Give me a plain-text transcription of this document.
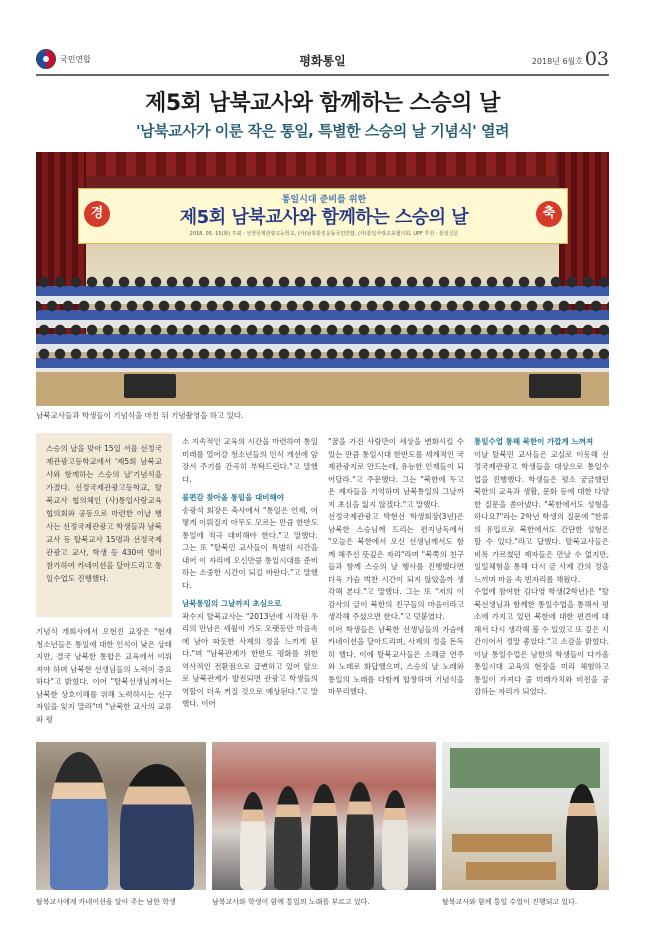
국민연합	평화통일	2018년 6월호 03
제5회 남북교사와 함께하는 스승의 날
'남북교사가 이룬 작은 통일, 특별한 스승의 날 기념식' 열려
경	축
통일시대 준비를 위한
제5회 남북교사와 함께하는 스승의 날
2018. 05. 15(화) 주최 : 선정국제관광고등학교, (사)남북통일운동국민연합, (사)통일사랑교육협의회, UPF 후원 : 통일신문
남북교사들과 학생들이 기념식을 마친 뒤 기념촬영을 하고 있다.

스승의 날을 맞아 15일 서울 선정국제관광고등학교에서 '제5회 남북교사와 함께하는 스승의 날'기념식을 가졌다. 선정국제관광고등학교, 탈북교사 협의체인 (사)통일사랑교육협의회와 공동으로 마련한 이날 행사는 선정국제관광고 학생들과 남북교사 등 탈북교사 15명과 선정국제관광고 교사, 학생 등 430여 명이 참가하여 카네이션을 달아드리고 통일수업도 진행했다.

기념식 개회사에서 오현진 교장은 "현재 청소년들은 통일에 대한 인식이 낮은 상태지만, 결국 남북한 통합은 교육에서 이뤄져야 하며 남북한 선생님들의 노력이 중요하다"고 밝혔다. 이어 "탈북선생님께서는 남북한 상호이해를 위해 노력하시는 선구자임을 잊지 말라"며 "남북한 교사의 교류와 평

소 지속적인 교육의 시간을 마련하여 통일 미래를 열어갈 청소년들의 인식 개선에 앞장서 주기를 간곡히 부탁드린다."고 말했다.

불편감 찾아올 통일을 대비해야

송광석 회장은 축사에서 "통일은 언제, 어떻게 이뤄질지 아무도 모르는 만큼 한반도 통일에 적극 대비해야 한다."고 말했다. 그는 또 "탈북민 교사들이 특별히 시간을 내어 이 자리에 오신만큼 통일시대를 준비하는 소중한 시간이 되길 바란다."고 말했다.

남북통일의 그날까지 초심으로

곽수지 탈북교사는 "2013년에 시작된 우리의 만남은 세월이 가도 오랫동안 마음속에 남아 따듯한 사제의 정을 느끼게 된다."며 "남북관계가 한반도 평화를 위한 역사적인 전환점으로 급변하고 있어 앞으로 남북관계가 발전되면 관광고 학생들의 역할이 더욱 커질 것으로 예상된다."고 말했다. 이어

"꿈을 가진 사람만이 세상을 변화시킬 수 있는 만큼 통일시대 한반도를 세계적인 국제관광지로 만드는데, 유능한 인재들이 되어달라."고 주문했다. 그는 "북한에 두고 온 제자들을 기억하며 남북통일의 그날까지 초심을 잃지 않겠다."고 말했다.

선정국제관광고 박현선 학생회장(3년)은 남북한 스승님께 드리는 편지낭독에서 "오늘은 북한에서 오신 선생님께서도 함께 해주신 뜻깊은 자리"라며 "북쪽의 친구들과 함께 스승의 날 행사를 진행했다면 더욱 가슴 벅찬 시간이 되지 않았을까 생각해 본다."고 말했다. 그는 또 "저의 이 감사의 글이 북한의 친구들의 마음이라고 생각해 주셨으면 한다."고 덧붙였다.

이어 학생들은 남북한 선생님들의 가슴에 카네이션을 달아드리며, 사제의 정을 돈독히 했다. 이에 탈북교사들은 소해금 연주와 노래로 화답했으며, 스승의 날 노래와 통일의 노래를 다함께 합창하며 기념식을 마무리했다.

통일수업 통해 북한이 가깝게 느껴져

이날 탈북민 교사들은 교실로 이동해 선정국제관광고 학생들을 대상으로 통일수업을 진행했다. 학생들은 평소 궁금했던 북한의 교육과 생활, 문화 등에 대한 다양한 질문을 쏟아냈다. "북한에서도 성형을 하나요?"라는 2학년 학생의 질문에 "한류의 유입으로 북한에서도 간단한 성형은 할 수 있다."라고 답했다. 탈북교사들은 비록 가르쳤던 제자들은 만날 수 없지만, 일일체험을 통해 다시 금 사제 간의 정을 느끼며 마음 속 빈자리를 채웠다.

수업에 참여한 김다영 학생(2학년)은 "탈북선생님과 함께한 통일수업을 통해서 평소에 가지고 있던 북한에 대한 편견에 대해서 다시 생각해 볼 수 있었고 또 깊은 시간이어서 정말 좋았다."고 소감을 밝혔다. 이날 통일수업은 남한의 학생들이 다가올 통일시대 교육의 현장을 미리 체험하고 통일이 가져다 줄 미래가치와 비전을 공감하는 자리가 되었다.

탈북교사에게 카네이션을 달아 주는 남한 학생	남북교사와 학생이 함께 통일의 노래를 부르고 있다.	탈북교사와 함께 통일 수업이 진행되고 있다.
